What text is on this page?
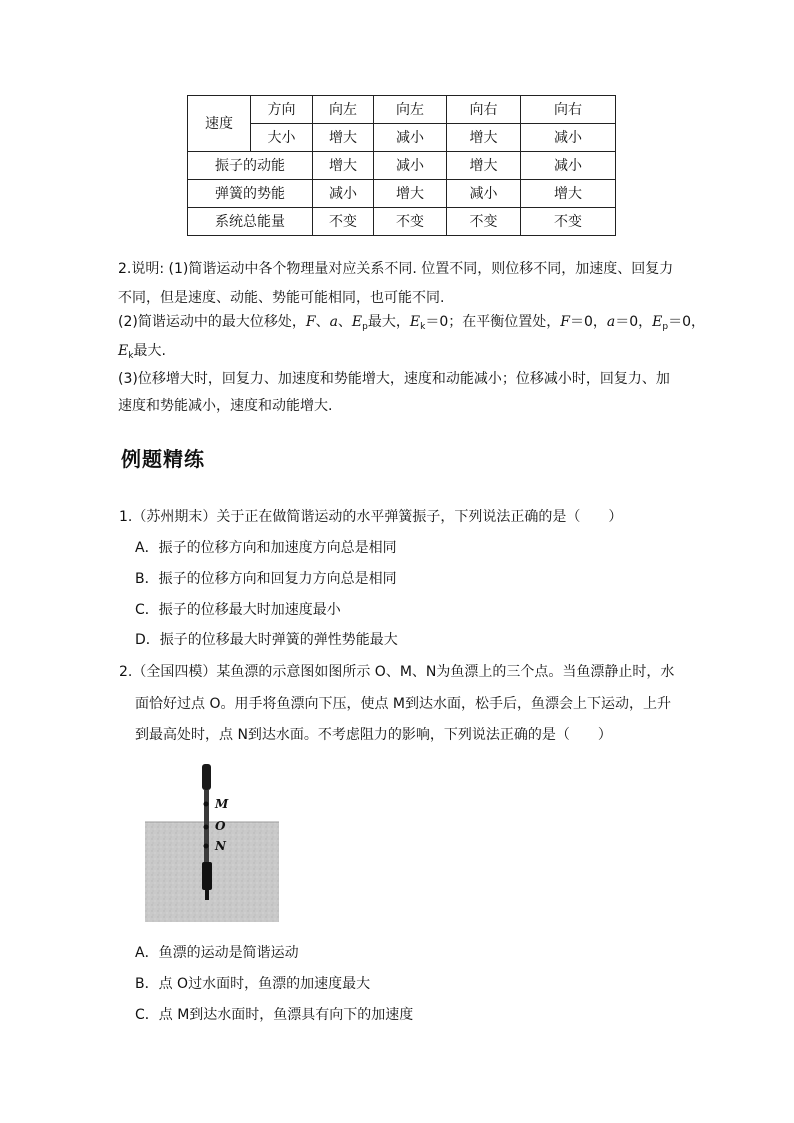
速度	方向	向左	向左	向右	向右
	大小	增大	减小	增大	减小
振子的动能		增大	减小	增大	减小
弹簧的势能		减小	增大	减小	增大
系统总能量		不变	不变	不变	不变
2.说明: (1)简谐运动中各个物理量对应关系不同. 位置不同，则位移不同，加速度、回复力
不同，但是速度、动能、势能可能相同，也可能不同.
(2)简谐运动中的最大位移处，F、a、$E_p$最大，$E_k=0$；在平衡位置处，F＝0，a＝0，$E_p=0$，
$E_k$最大.
(3)位移增大时，回复力、加速度和势能增大，速度和动能减小；位移减小时，回复力、加
速度和势能减小，速度和动能增大.
例题精练
1.（苏州期末）关于正在做简谐运动的水平弹簧振子，下列说法正确的是（　　）
A．振子的位移方向和加速度方向总是相同
B．振子的位移方向和回复力方向总是相同
C．振子的位移最大时加速度最小
D．振子的位移最大时弹簧的弹性势能最大
2.（全国四模）某鱼漂的示意图如图所示 O、M、N为鱼漂上的三个点。当鱼漂静止时，水
面恰好过点 O。用手将鱼漂向下压，使点 M到达水面，松手后，鱼漂会上下运动，上升
到最高处时，点 N到达水面。不考虑阻力的影响，下列说法正确的是（　　）
M
O
N
A．鱼漂的运动是简谐运动
B．点 O过水面时，鱼漂的加速度最大
C．点 M到达水面时，鱼漂具有向下的加速度
